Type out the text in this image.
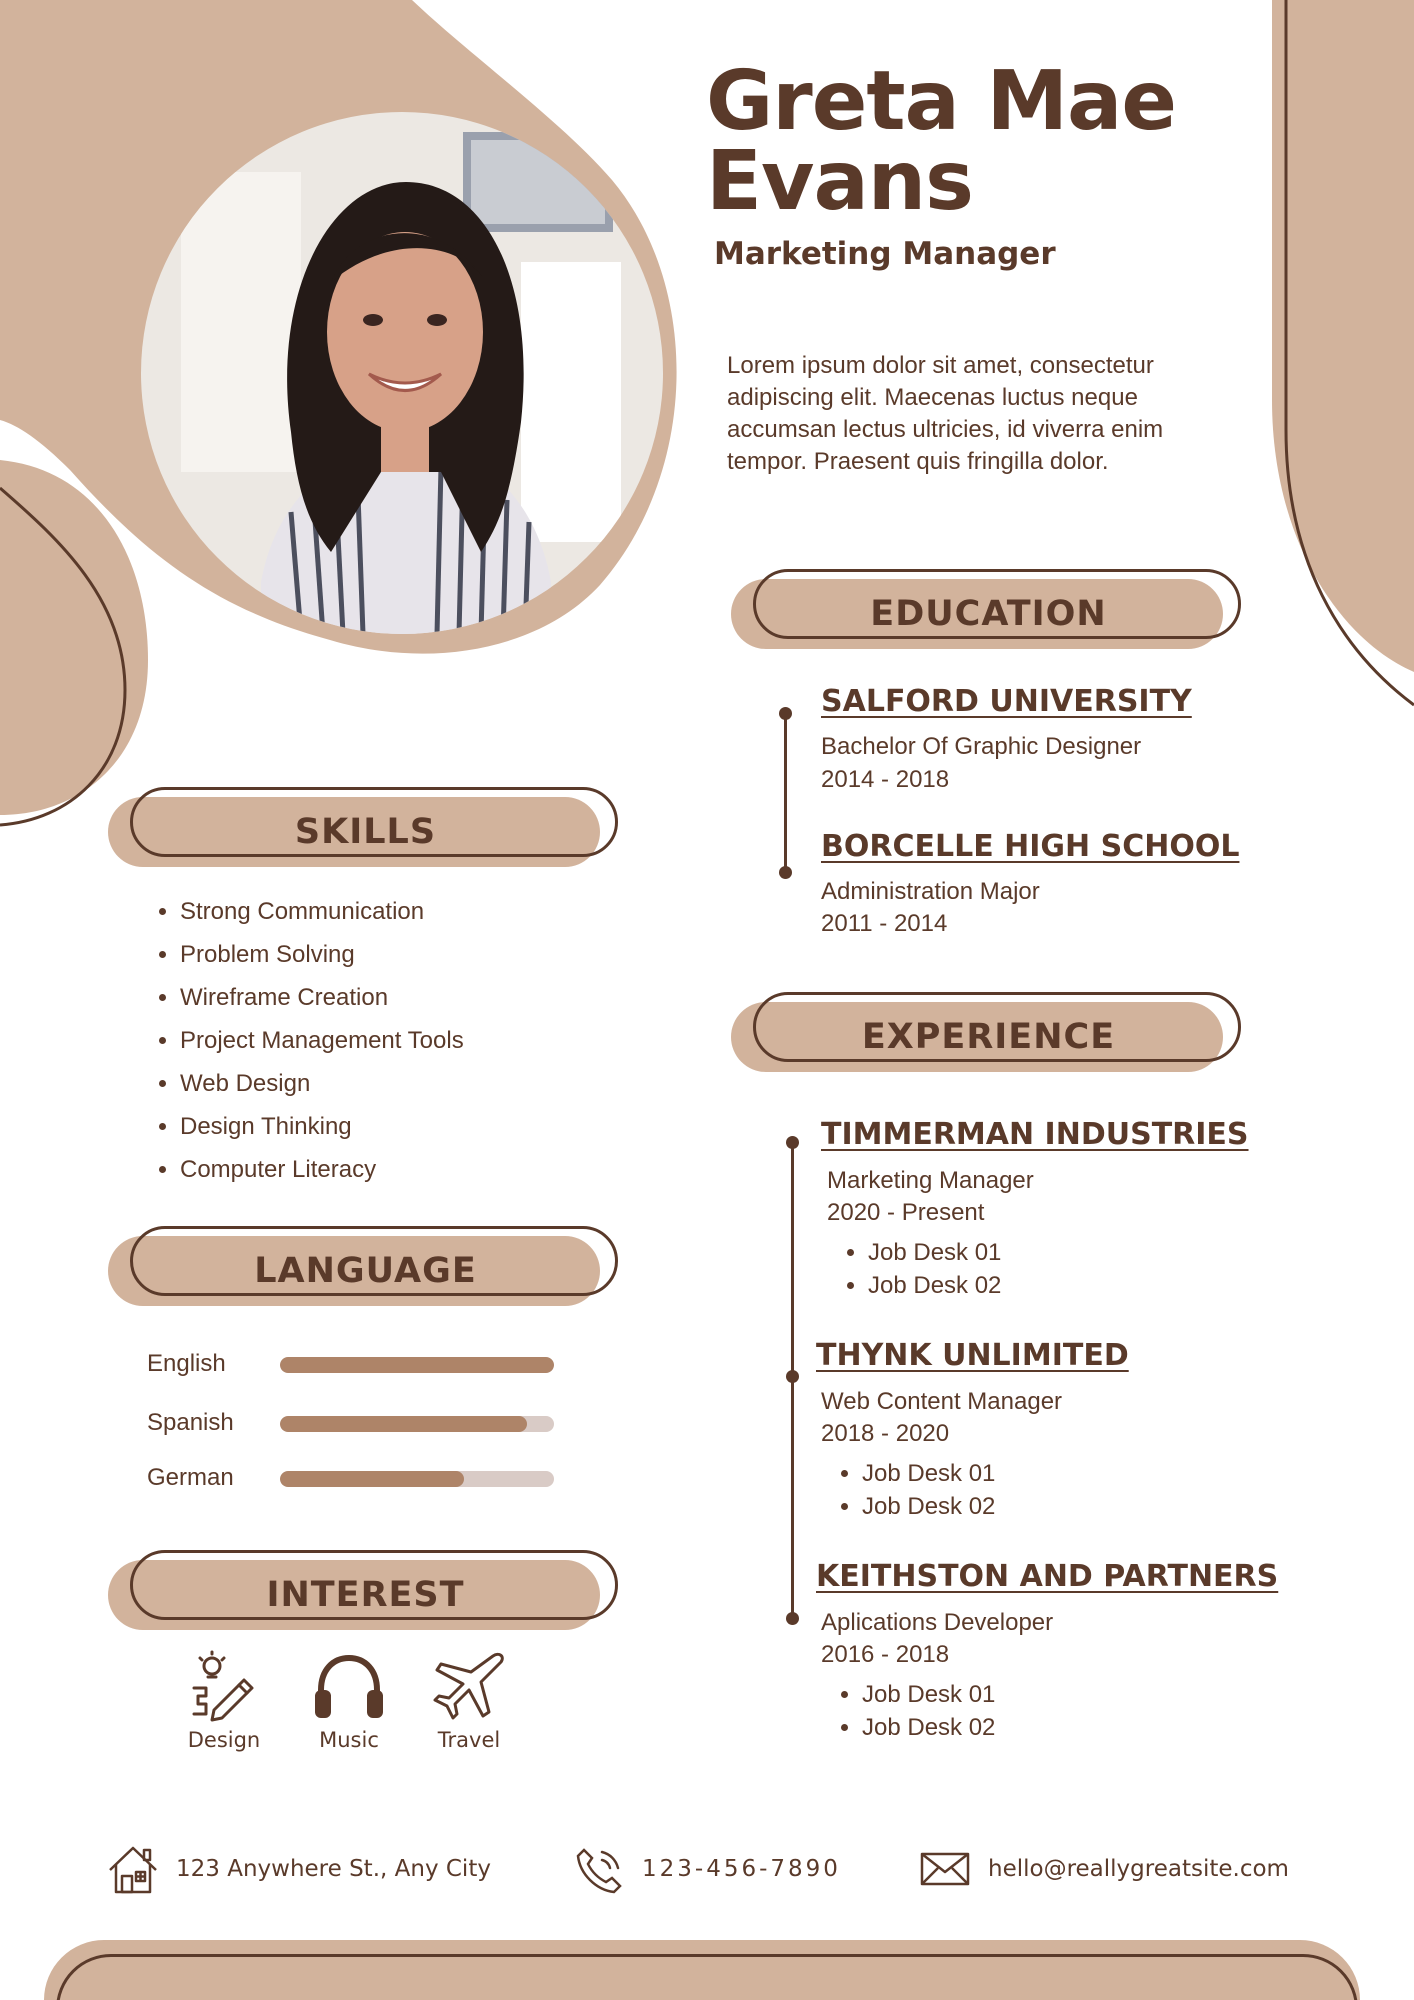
Greta Mae
Evans

Marketing Manager

Lorem ipsum dolor sit amet, consectetur adipiscing elit. Maecenas luctus neque accumsan lectus ultricies, id viverra enim tempor. Praesent quis fringilla dolor.

SKILLS
• Strong Communication
• Problem Solving
• Wireframe Creation
• Project Management Tools
• Web Design
• Design Thinking
• Computer Literacy
LANGUAGE
English
Spanish
German
INTEREST
Design	Music	Travel
EDUCATION
SALFORD UNIVERSITY

Bachelor Of Graphic Designer

2014 - 2018

BORCELLE HIGH SCHOOL

Administration Major

2011 - 2014

EXPERIENCE
TIMMERMAN INDUSTRIES

Marketing Manager

2020 - Present

• Job Desk 01
• Job Desk 02
THYNK UNLIMITED

Web Content Manager

2018 - 2020

• Job Desk 01
• Job Desk 02
KEITHSTON AND PARTNERS

Aplications Developer

2016 - 2018

• Job Desk 01
• Job Desk 02
123 Anywhere St., Any City	123-456-7890	hello@reallygreatsite.com
